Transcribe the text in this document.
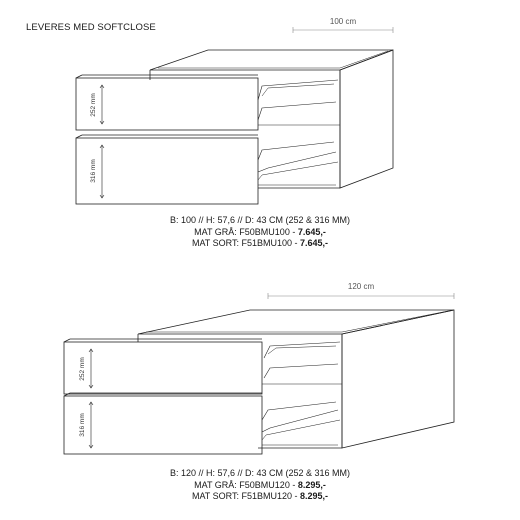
LEVERES MED SOFTCLOSE
100 cm
252 mm
316 mm
B: 100 // H: 57,6 // D: 43 CM (252 & 316 MM)
MAT GRÅ: F50BMU100 - 7.645,-
MAT SORT: F51BMU100 - 7.645,-
120 cm
252 mm
316 mm
B: 120 // H: 57,6 // D: 43 CM (252 & 316 MM)
MAT GRÅ: F50BMU120 - 8.295,-
MAT SORT: F51BMU120 - 8.295,-
